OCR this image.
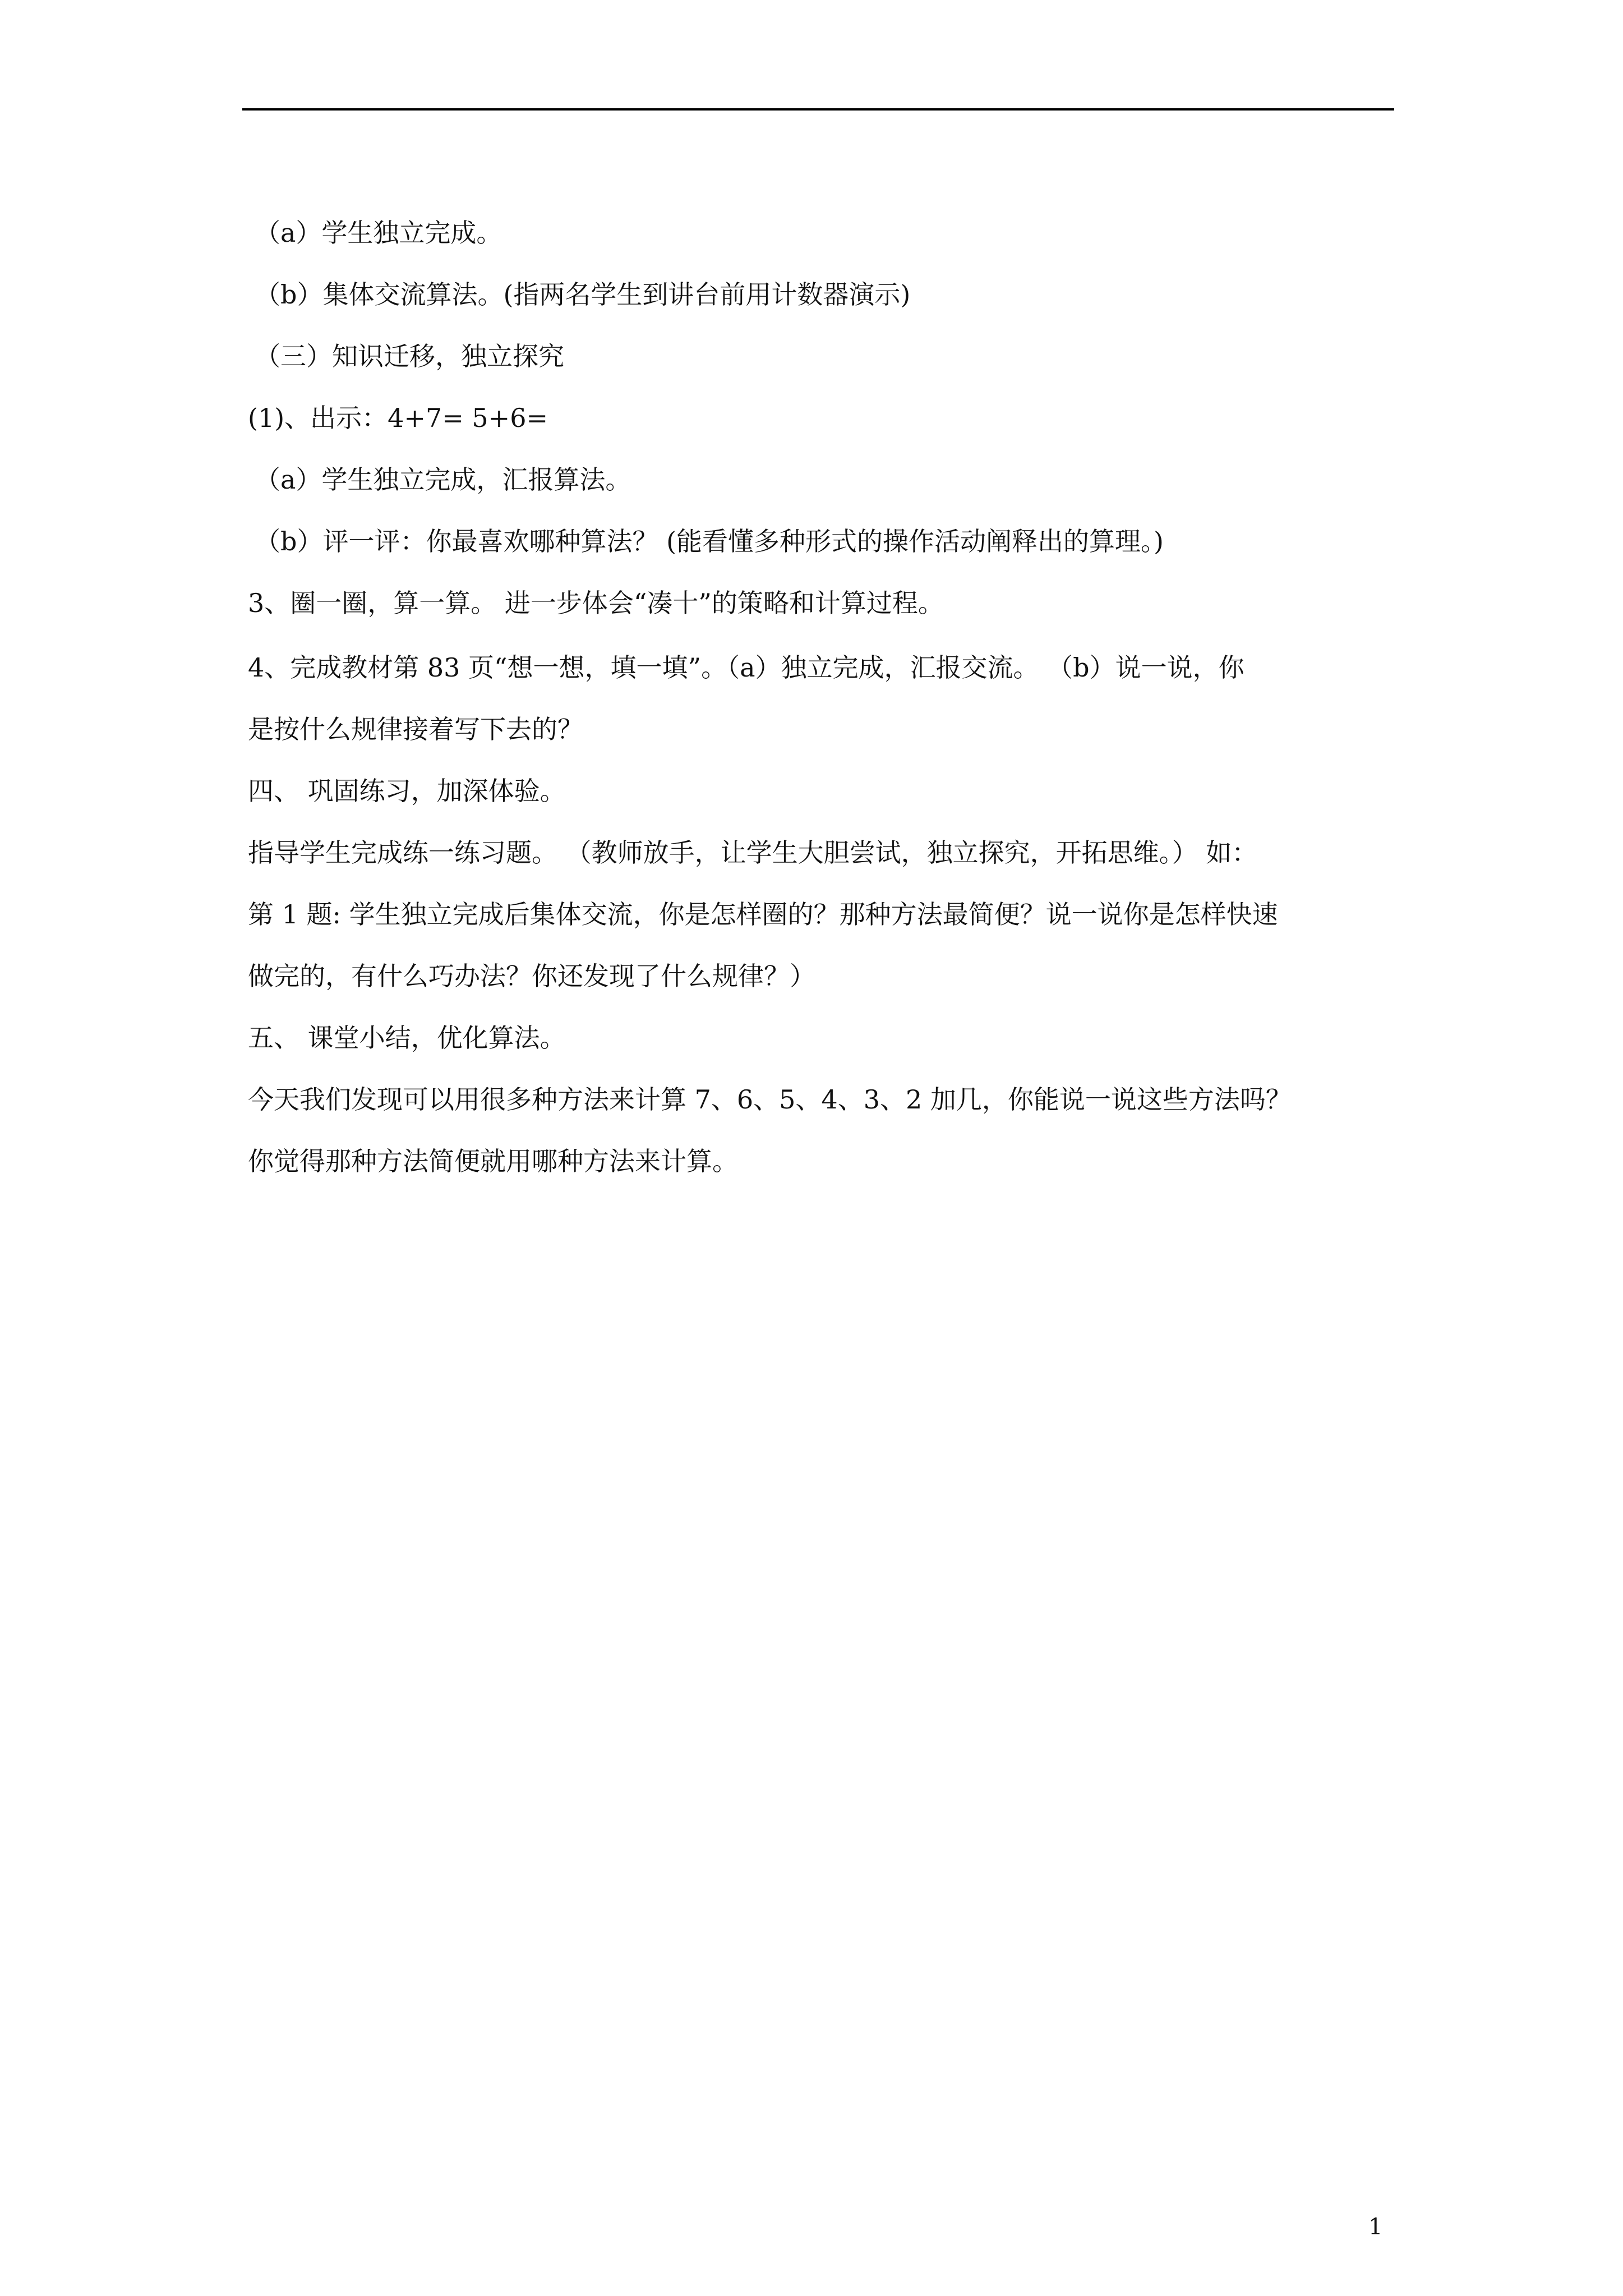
（a）学生独立完成。
（b）集体交流算法。(指两名学生到讲台前用计数器演示)
（三）知识迁移，独立探究
(1)、出示：4+7= 5+6=
（a）学生独立完成，汇报算法。
（b）评一评：你最喜欢哪种算法？ (能看懂多种形式的操作活动阐释出的算理。)
3、圈一圈，算一算。 进一步体会“凑十”的策略和计算过程。
4、完成教材第 83 页“想一想，填一填”。（a）独立完成，汇报交流。 （b）说一说，你
是按什么规律接着写下去的？
四、 巩固练习，加深体验。
指导学生完成练一练习题。 （教师放手，让学生大胆尝试，独立探究，开拓思维。） 如：
第 1 题: 学生独立完成后集体交流，你是怎样圈的？那种方法最简便？说一说你是怎样快速
做完的，有什么巧办法？你还发现了什么规律？）
五、 课堂小结，优化算法。
今天我们发现可以用很多种方法来计算 7、6、5、4、3、2 加几，你能说一说这些方法吗？
你觉得那种方法简便就用哪种方法来计算。
1
